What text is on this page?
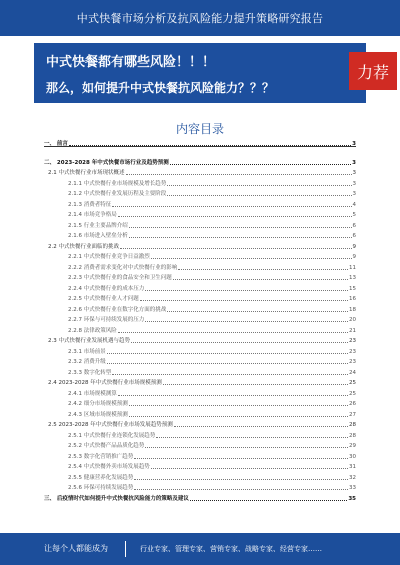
中式快餐市场分析及抗风险能力提升策略研究报告
中式快餐都有哪些风险！！！
那么，如何提升中式快餐抗风险能力？？？
力荐
内容目录
一、 前言	3
二、 2023-2028 年中式快餐市场行业及趋势预测	3
2.1 中式快餐行业市场现状概述	3
2.1.1 中式快餐行业市场规模及增长趋势	3
2.1.2 中式快餐行业发展历程及主要阶段	3
2.1.3 消费者特征	4
2.1.4 市场竞争格局	5
2.1.5 行业主要品牌介绍	6
2.1.6 市场进入壁垒分析	6
2.2 中式快餐行业面临的挑战	9
2.2.1 中式快餐行业竞争日益激烈	9
2.2.2 消费者需求变化对中式快餐行业的影响	11
2.2.3 中式快餐行业的食品安全和卫生问题	13
2.2.4 中式快餐行业的成本压力	15
2.2.5 中式快餐行业人才问题	16
2.2.6 中式快餐行业在数字化方面的挑战	18
2.2.7 环保与可持续发展的压力	20
2.2.8 法律政策风险	21
2.3 中式快餐行业发展机遇与趋势	23
2.3.1 市场前景	23
2.3.2 消费升级	23
2.3.3 数字化转型	24
2.4 2023-2028 年中式快餐行业市场规模预测	25
2.4.1 市场规模测算	25
2.4.2 细分市场规模预测	26
2.4.3 区域市场规模预测	27
2.5 2023-2028 年中式快餐行业市场发展趋势预测	28
2.5.1 中式快餐行业连锁化发展趋势	28
2.5.2 中式快餐产品品质化趋势	29
2.5.3 数字化营销推广趋势	30
2.5.4 中式快餐外卖市场发展趋势	31
2.5.5 健康营养化发展趋势	32
2.5.6 环保可持续发展趋势	33
三、 后疫情时代如何提升中式快餐抗风险能力的策略及建议	35
让每个人都能成为	行业专家、管理专家、营销专家、战略专家、经营专家……
